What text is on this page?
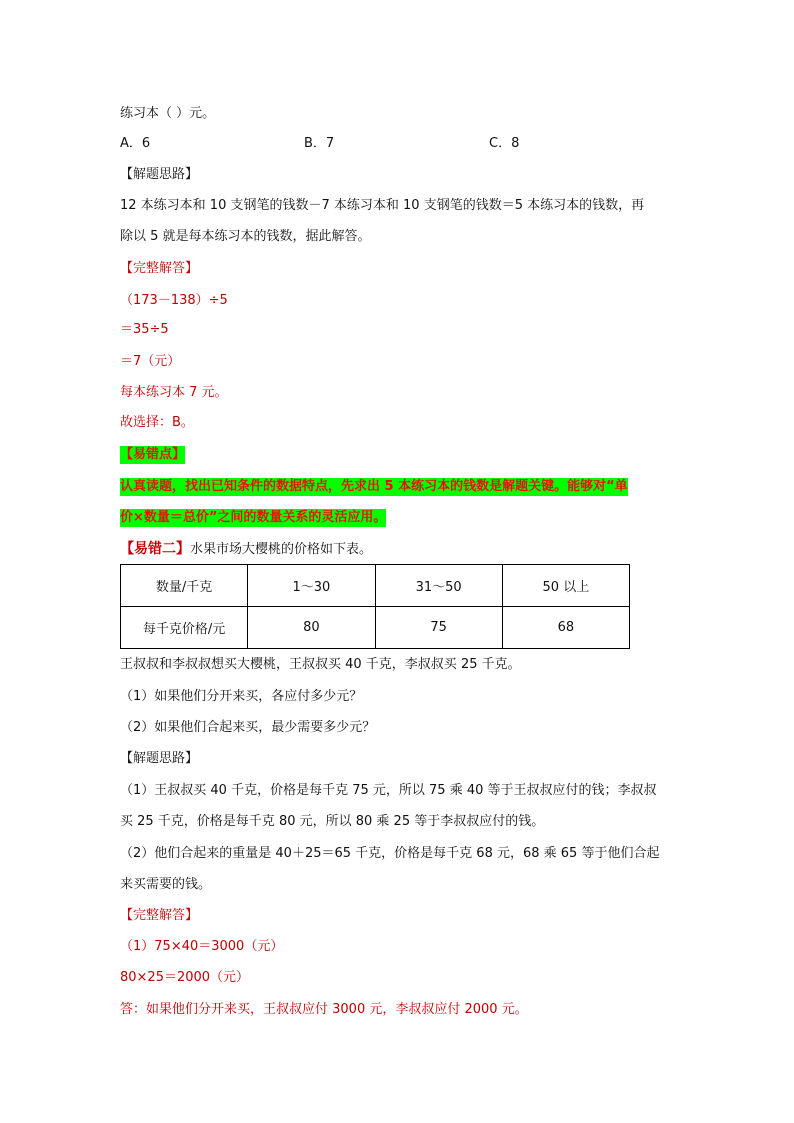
练习本（ ）元。
A．6	B．7	C．8
【解题思路】
12 本练习本和 10 支钢笔的钱数－7 本练习本和 10 支钢笔的钱数＝5 本练习本的钱数，再
除以 5 就是每本练习本的钱数，据此解答。
【完整解答】
（173－138）÷5
＝35÷5
＝7（元）
每本练习本 7 元。
故选择：B。
【易错点】
认真读题，找出已知条件的数据特点，先求出 5 本练习本的钱数是解题关键。能够对“单
价×数量＝总价”之间的数量关系的灵活应用。
【易错二】水果市场大樱桃的价格如下表。
数量/千克	1～30	31～50	50 以上
每千克价格/元	80	75	68
王叔叔和李叔叔想买大樱桃，王叔叔买 40 千克，李叔叔买 25 千克。
（1）如果他们分开来买，各应付多少元？
（2）如果他们合起来买，最少需要多少元？
【解题思路】
（1）王叔叔买 40 千克，价格是每千克 75 元，所以 75 乘 40 等于王叔叔应付的钱；李叔叔
买 25 千克，价格是每千克 80 元，所以 80 乘 25 等于李叔叔应付的钱。
（2）他们合起来的重量是 40＋25＝65 千克，价格是每千克 68 元，68 乘 65 等于他们合起
来买需要的钱。
【完整解答】
（1）75×40＝3000（元）
80×25＝2000（元）
答：如果他们分开来买，王叔叔应付 3000 元，李叔叔应付 2000 元。
